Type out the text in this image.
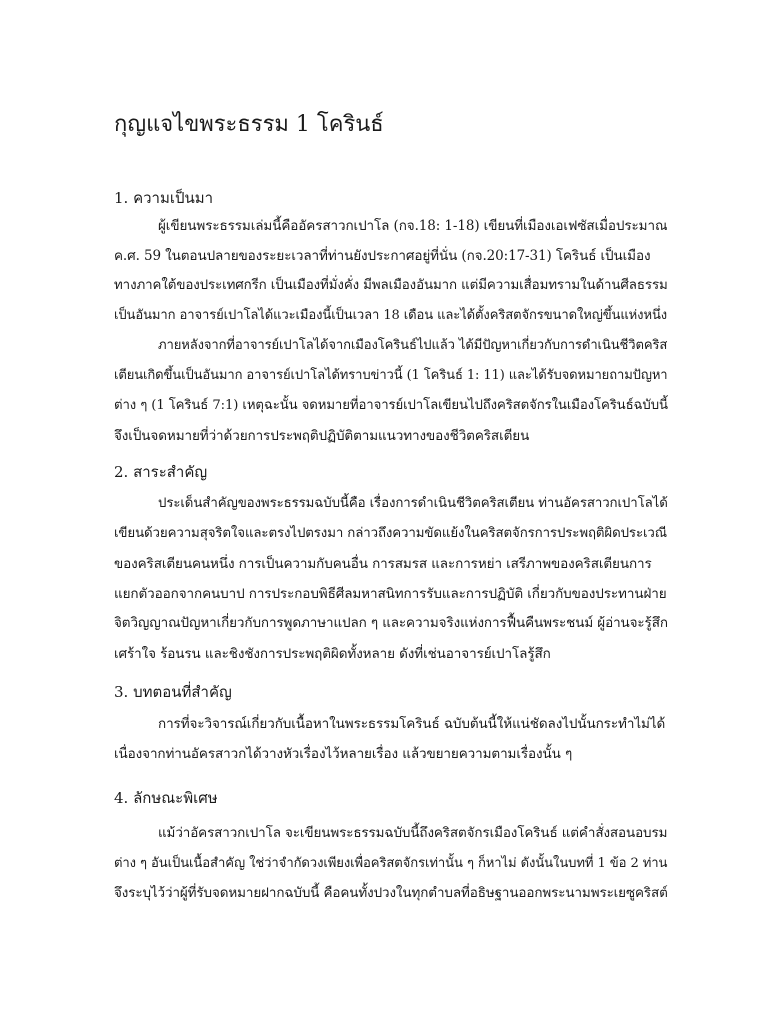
กุญแจไขพระธรรม 1 โครินธ์
1. ความเป็นมา

ผู้เขียนพระธรรมเล่มนี้คืออัครสาวกเปาโล (กจ.18: 1-18) เขียนที่เมืองเอเฟซัสเมื่อประมาณ

ค.ศ. 59 ในตอนปลายของระยะเวลาที่ท่านยังประกาศอยู่ที่นั่น (กจ.20:17-31) โครินธ์ เป็นเมือง

ทางภาคใต้ของประเทศกรีก เป็นเมืองที่มั่งคั่ง มีพลเมืองอันมาก แต่มีความเสื่อมทรามในด้านศีลธรรม

เป็นอันมาก อาจารย์เปาโลได้แวะเมืองนี้เป็นเวลา 18 เดือน และได้ตั้งคริสตจักรขนาดใหญ่ขึ้นแห่งหนึ่ง

ภายหลังจากที่อาจารย์เปาโลได้จากเมืองโครินธ์ไปแล้ว ได้มีปัญหาเกี่ยวกับการดำเนินชีวิตคริส

เตียนเกิดขึ้นเป็นอันมาก อาจารย์เปาโลได้ทราบข่าวนี้ (1 โครินธ์ 1: 11) และได้รับจดหมายถามปัญหา

ต่าง ๆ (1 โครินธ์ 7:1) เหตุฉะนั้น จดหมายที่อาจารย์เปาโลเขียนไปถึงคริสตจักรในเมืองโครินธ์ฉบับนี้

จึงเป็นจดหมายที่ว่าด้วยการประพฤติปฏิบัติตามแนวทางของชีวิตคริสเตียน

2. สาระสำคัญ

ประเด็นสำคัญของพระธรรมฉบับนี้คือ เรื่องการดำเนินชีวิตคริสเตียน ท่านอัครสาวกเปาโลได้

เขียนด้วยความสุจริตใจและตรงไปตรงมา กล่าวถึงความขัดแย้งในคริสตจักรการประพฤติผิดประเวณี

ของคริสเตียนคนหนึ่ง การเป็นความกับคนอื่น การสมรส และการหย่า เสรีภาพของคริสเตียนการ

แยกตัวออกจากคนบาป การประกอบพิธีศีลมหาสนิทการรับและการปฏิบัติ เกี่ยวกับของประทานฝ่าย

จิตวิญญาณปัญหาเกี่ยวกับการพูดภาษาแปลก ๆ และความจริงแห่งการฟื้นคืนพระชนม์ ผู้อ่านจะรู้สึก

เศร้าใจ ร้อนรน และชิงชังการประพฤติผิดทั้งหลาย ดังที่เช่นอาจารย์เปาโลรู้สึก

3. บทตอนที่สำคัญ

การที่จะวิจารณ์เกี่ยวกับเนื้อหาในพระธรรมโครินธ์ ฉบับต้นนี้ให้แน่ชัดลงไปนั้นกระทำไม่ได้

เนื่องจากท่านอัครสาวกได้วางหัวเรื่องไว้หลายเรื่อง แล้วขยายความตามเรื่องนั้น ๆ

4. ลักษณะพิเศษ

แม้ว่าอัครสาวกเปาโล จะเขียนพระธรรมฉบับนี้ถึงคริสตจักรเมืองโครินธ์ แต่คำสั่งสอนอบรม

ต่าง ๆ อันเป็นเนื้อสำคัญ ใช่ว่าจำกัดวงเพียงเพื่อคริสตจักรเท่านั้น ๆ ก็หาไม่ ดังนั้นในบทที่ 1 ข้อ 2 ท่าน

จึงระบุไว้ว่าผู้ที่รับจดหมายฝากฉบับนี้ คือคนทั้งปวงในทุกตำบลที่อธิษฐานออกพระนามพระเยซูคริสต์
